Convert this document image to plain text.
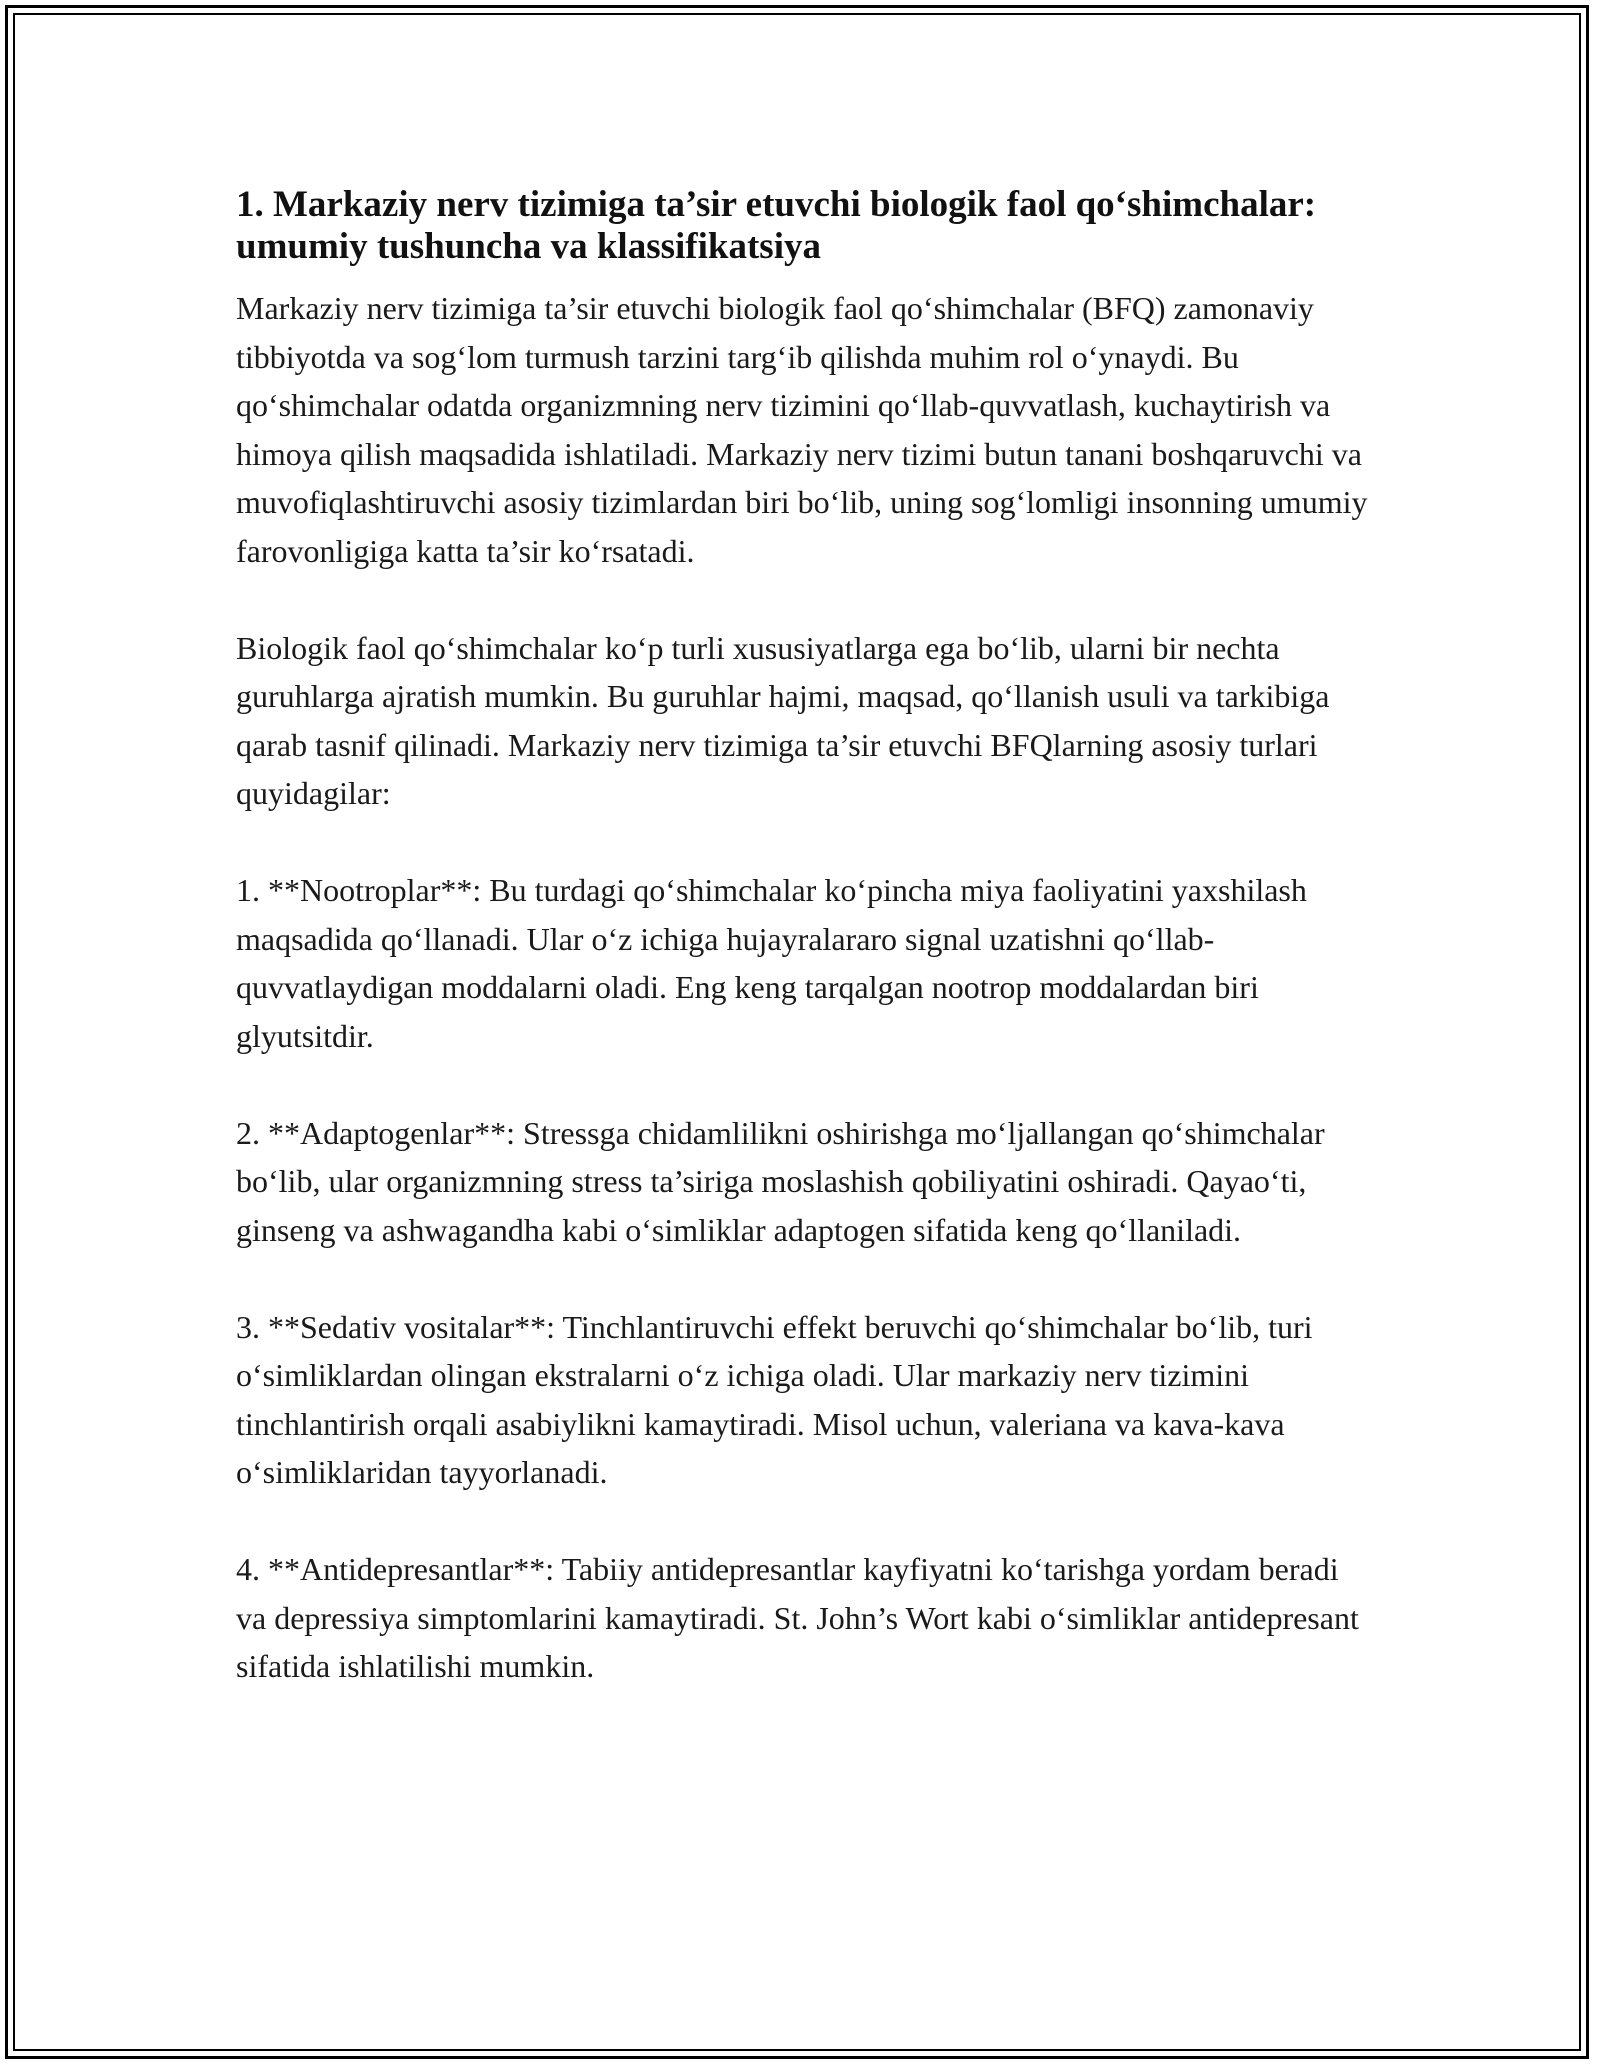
1. Markaziy nerv tizimiga ta’sir etuvchi biologik faol qo‘shimchalar: umumiy tushuncha va klassifikatsiya

Markaziy nerv tizimiga ta’sir etuvchi biologik faol qo‘shimchalar (BFQ) zamonaviy tibbiyotda va sog‘lom turmush tarzini targ‘ib qilishda muhim rol o‘ynaydi. Bu qo‘shimchalar odatda organizmning nerv tizimini qo‘llab-quvvatlash, kuchaytirish va himoya qilish maqsadida ishlatiladi. Markaziy nerv tizimi butun tanani boshqaruvchi va muvofiqlashtiruvchi asosiy tizimlardan biri bo‘lib, uning sog‘lomligi insonning umumiy farovonligiga katta ta’sir ko‘rsatadi.

Biologik faol qo‘shimchalar ko‘p turli xususiyatlarga ega bo‘lib, ularni bir nechta guruhlarga ajratish mumkin. Bu guruhlar hajmi, maqsad, qo‘llanish usuli va tarkibiga qarab tasnif qilinadi. Markaziy nerv tizimiga ta’sir etuvchi BFQlarning asosiy turlari quyidagilar:

1. **Nootroplar**: Bu turdagi qo‘shimchalar ko‘pincha miya faoliyatini yaxshilash maqsadida qo‘llanadi. Ular o‘z ichiga hujayralararo signal uzatishni qo‘llab-quvvatlaydigan moddalarni oladi. Eng keng tarqalgan nootrop moddalardan biri glyutsitdir.

2. **Adaptogenlar**: Stressga chidamlilikni oshirishga mo‘ljallangan qo‘shimchalar bo‘lib, ular organizmning stress ta’siriga moslashish qobiliyatini oshiradi. Qayao‘ti, ginseng va ashwagandha kabi o‘simliklar adaptogen sifatida keng qo‘llaniladi.

3. **Sedativ vositalar**: Tinchlantiruvchi effekt beruvchi qo‘shimchalar bo‘lib, turi o‘simliklardan olingan ekstralarni o‘z ichiga oladi. Ular markaziy nerv tizimini tinchlantirish orqali asabiylikni kamaytiradi. Misol uchun, valeriana va kava-kava o‘simliklaridan tayyorlanadi.

4. **Antidepresantlar**: Tabiiy antidepresantlar kayfiyatni ko‘tarishga yordam beradi va depressiya simptomlarini kamaytiradi. St. John’s Wort kabi o‘simliklar antidepresant sifatida ishlatilishi mumkin.
